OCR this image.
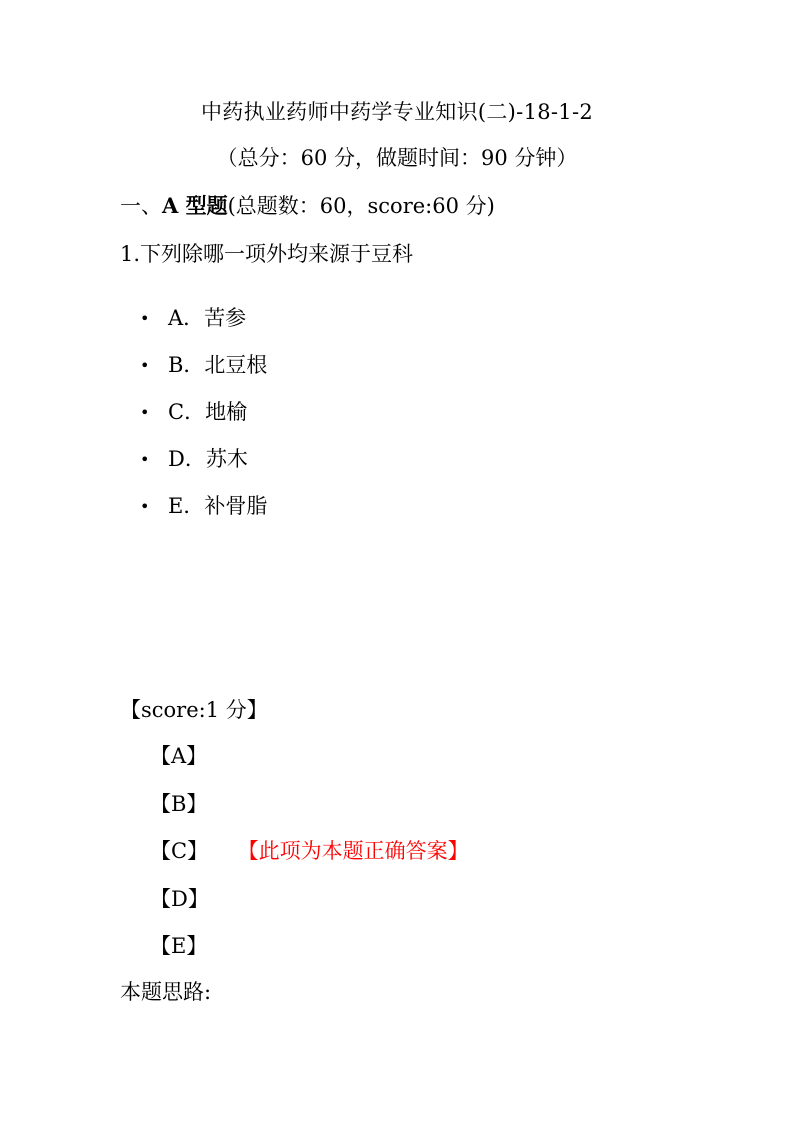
中药执业药师中药学专业知识(二)-18-1-2
（总分：60 分，做题时间：90 分钟）
一、A 型题(总题数：60，score:60 分)
1.下列除哪一项外均来源于豆科
• A．苦参
• B．北豆根
• C．地榆
• D．苏木
• E．补骨脂
【score:1 分】
【A】
【B】
【C】 【此项为本题正确答案】
【D】
【E】
本题思路:
